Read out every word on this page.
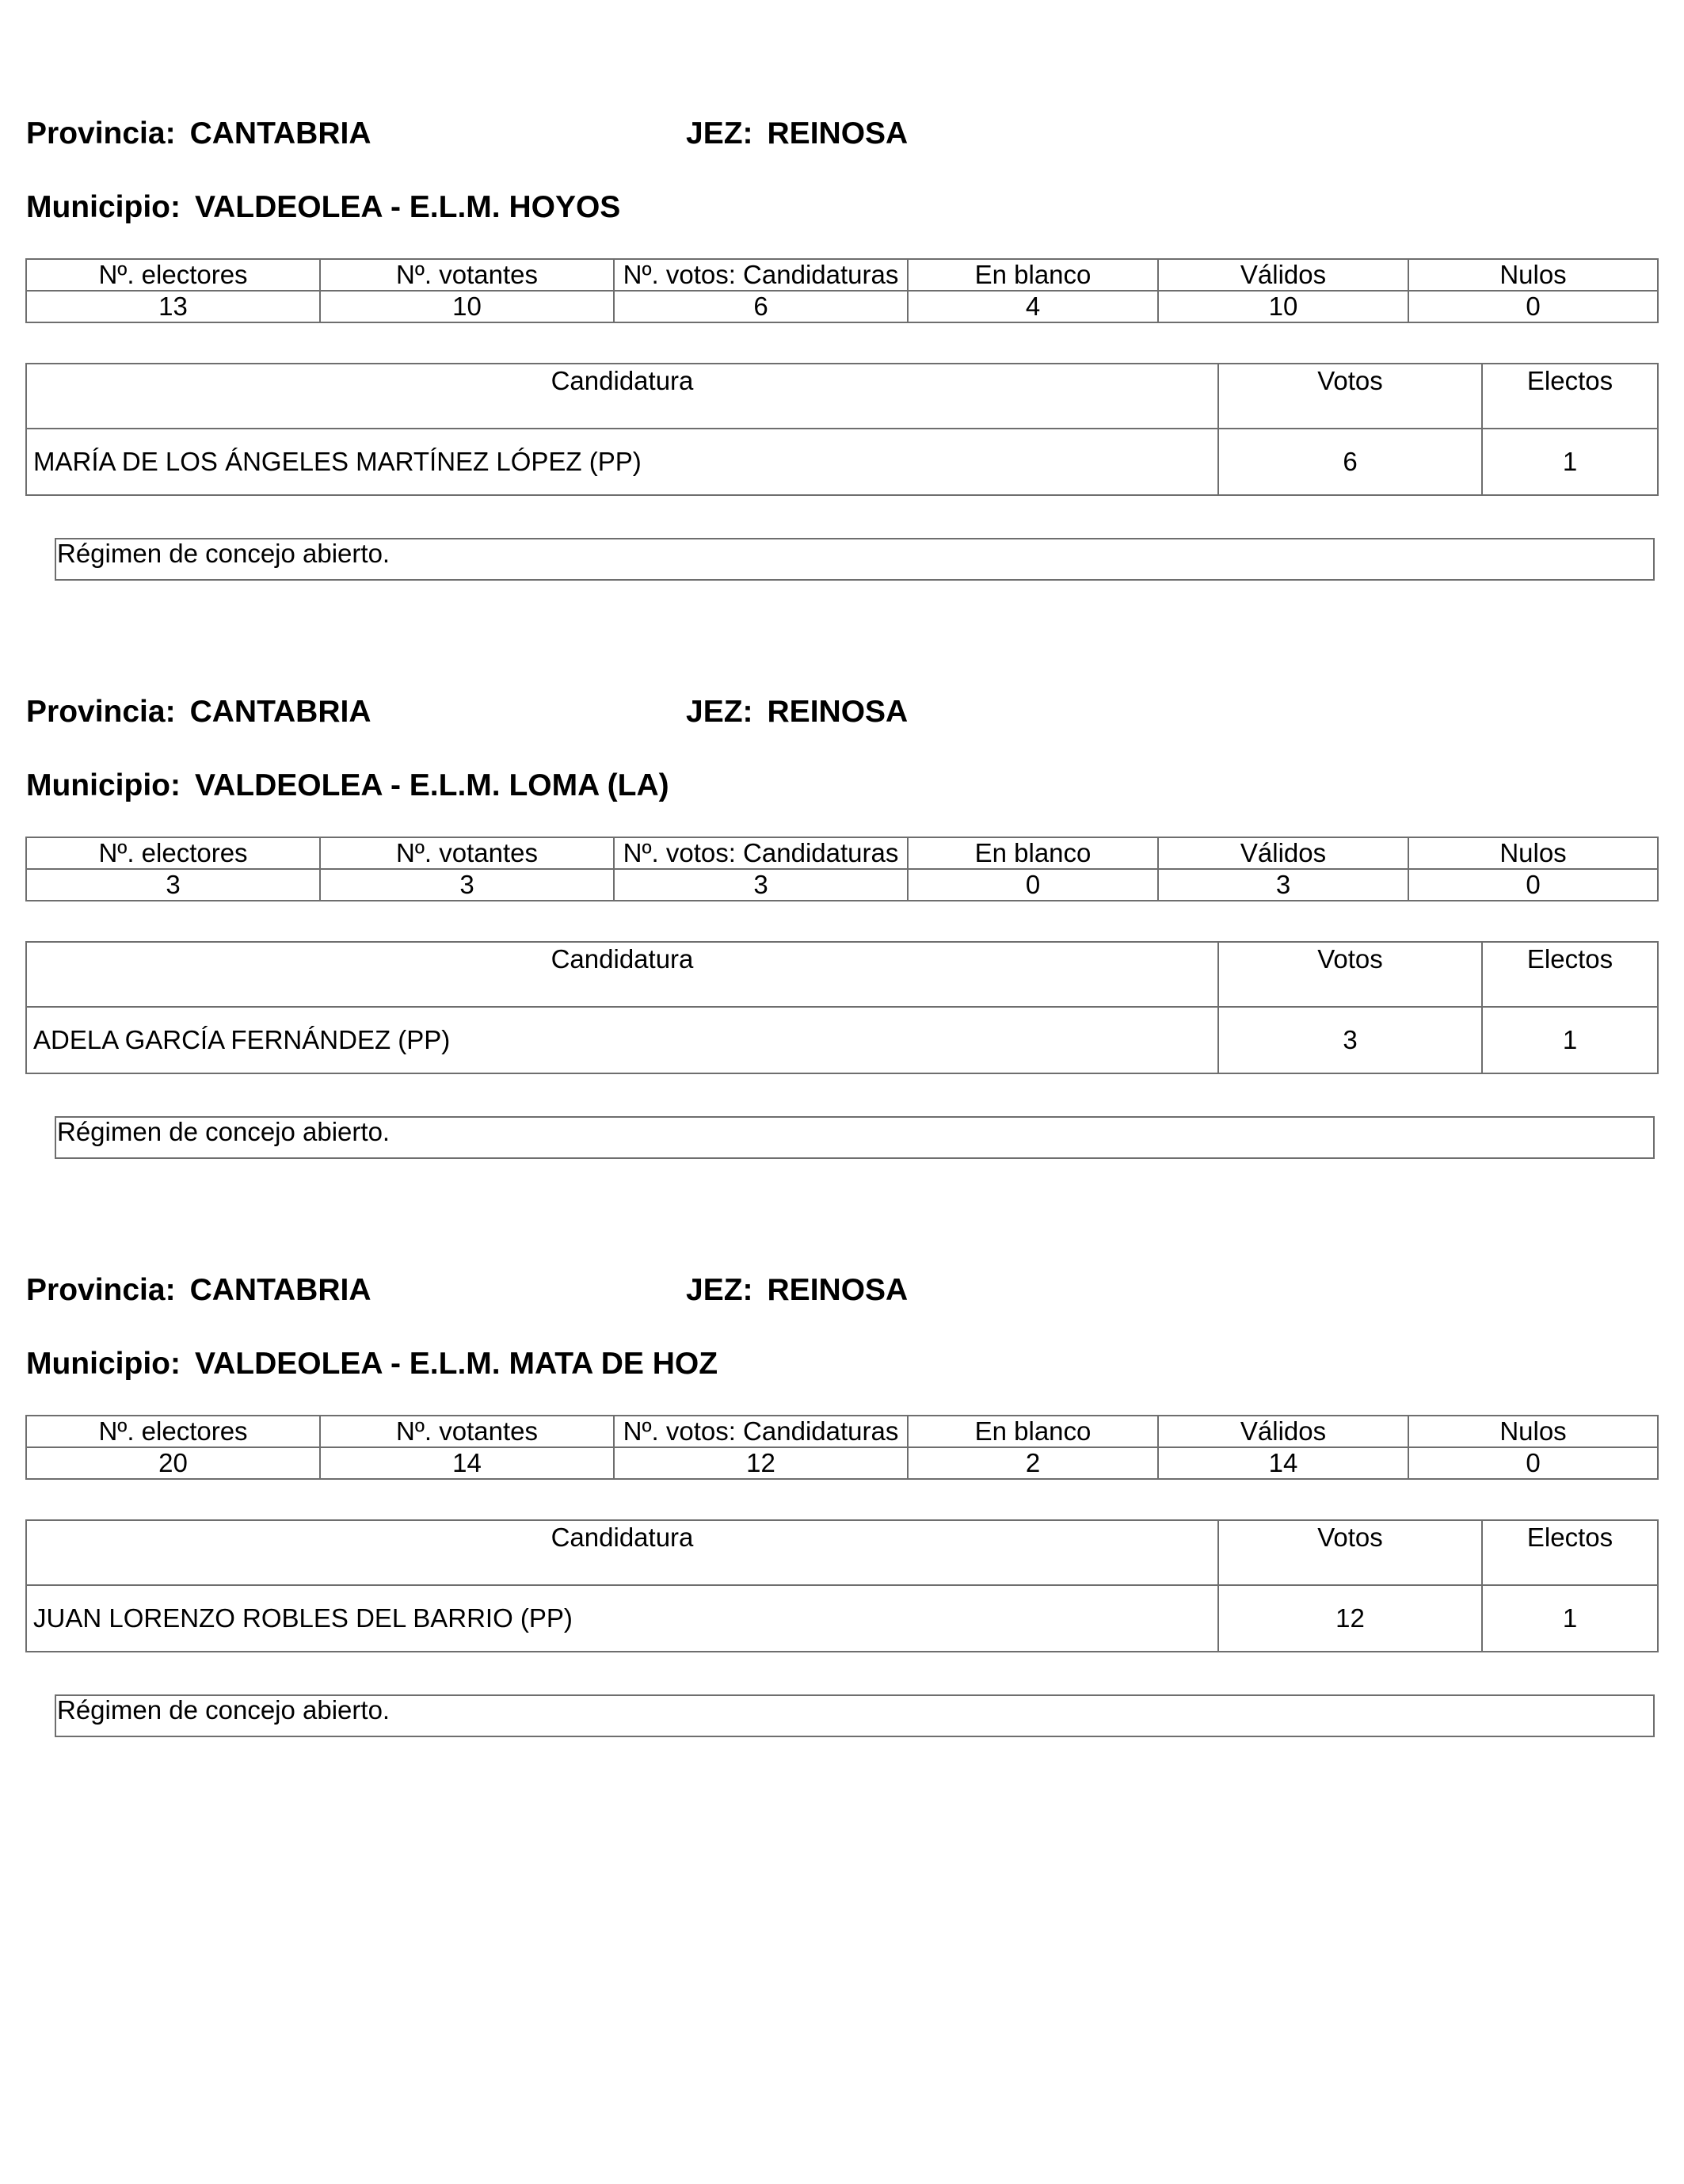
Provincia: CANTABRIA	JEZ: REINOSA
Municipio: VALDEOLEA - E.L.M. HOYOS
Nº. electores	Nº. votantes	Nº. votos: Candidaturas	En blanco	Válidos	Nulos
13	10	6	4	10	0
Candidatura	Votos	Electos
MARÍA DE LOS ÁNGELES MARTÍNEZ LÓPEZ (PP)	6	1
Régimen de concejo abierto.
Provincia: CANTABRIA	JEZ: REINOSA
Municipio: VALDEOLEA - E.L.M. LOMA (LA)
Nº. electores	Nº. votantes	Nº. votos: Candidaturas	En blanco	Válidos	Nulos
3	3	3	0	3	0
Candidatura	Votos	Electos
ADELA GARCÍA FERNÁNDEZ (PP)	3	1
Régimen de concejo abierto.
Provincia: CANTABRIA	JEZ: REINOSA
Municipio: VALDEOLEA - E.L.M. MATA DE HOZ
Nº. electores	Nº. votantes	Nº. votos: Candidaturas	En blanco	Válidos	Nulos
20	14	12	2	14	0
Candidatura	Votos	Electos
JUAN LORENZO ROBLES DEL BARRIO (PP)	12	1
Régimen de concejo abierto.
